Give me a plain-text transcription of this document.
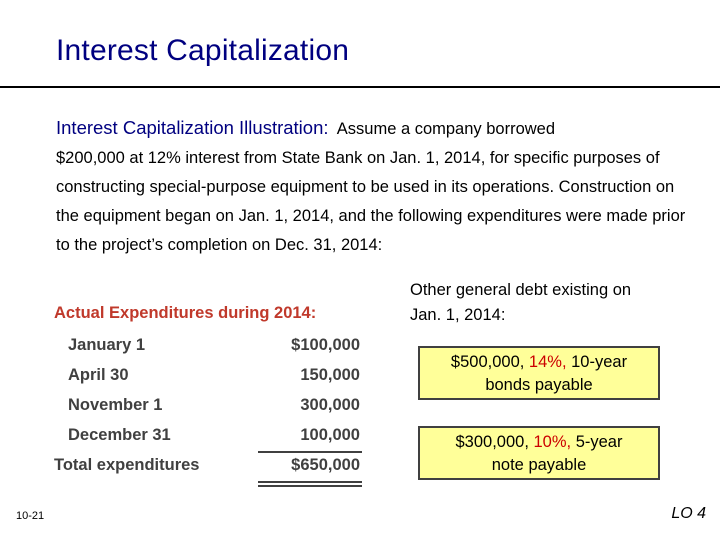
Interest Capitalization
Interest Capitalization Illustration: Assume a company borrowed
$200,000 at 12% interest from State Bank on Jan. 1, 2014, for specific purposes of constructing special-purpose equipment to be used in its operations. Construction on the equipment began on Jan. 1, 2014, and the following expenditures were made prior to the project’s completion on Dec. 31, 2014:
Other general debt existing on
Jan. 1, 2014:
Actual Expenditures during 2014:
January 1	$100,000
April 30	150,000
November 1	300,000
December 31	100,000
Total expenditures	$650,000
$500,000, 14%, 10-year
bonds payable
$300,000, 10%, 5-year
note payable
10-21	LO 4
